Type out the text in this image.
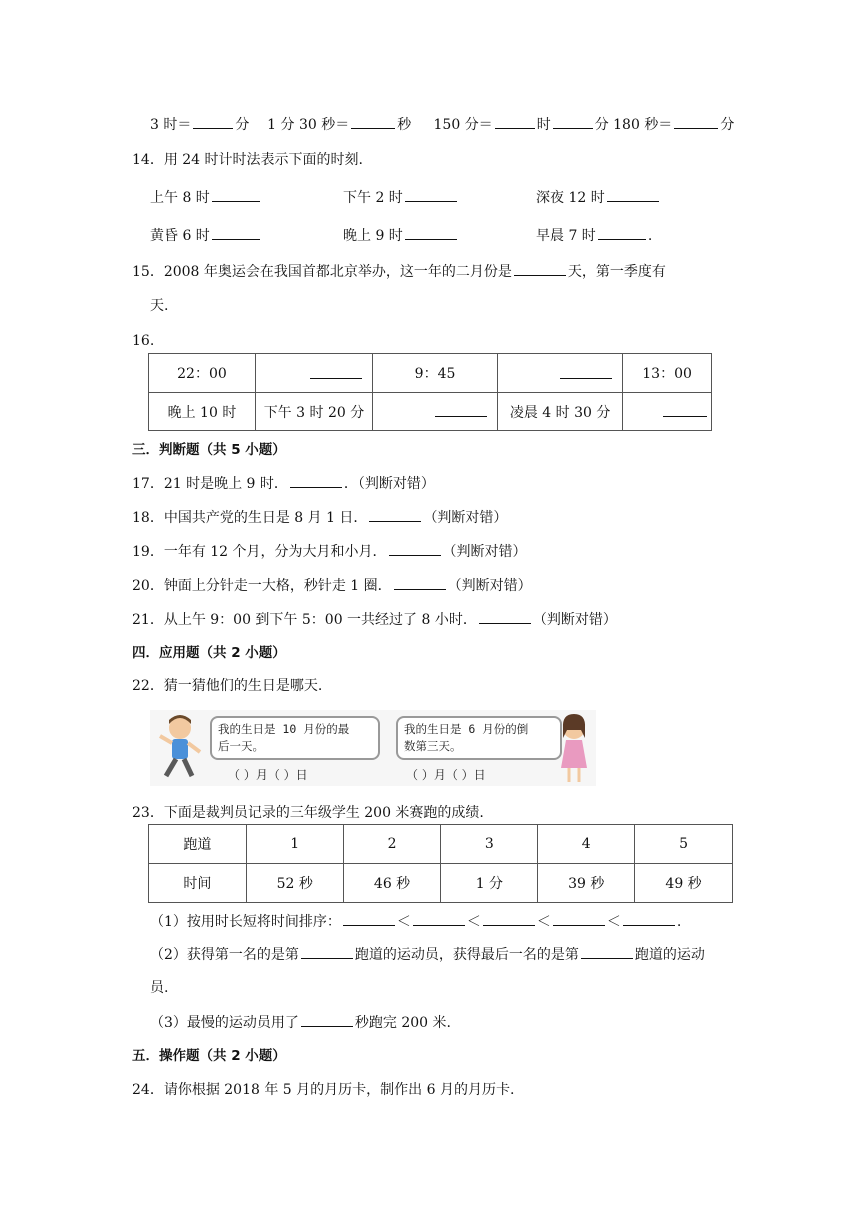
3 时＝	分 1 分 30 秒＝	秒 150 分＝	时	分 180 秒＝	分
14．用 24 时计时法表示下面的时刻.
上午 8 时	下午 2 时	深夜 12 时
黄昏 6 时	晚上 9 时	早晨 7 时	.
15．2008 年奥运会在我国首都北京举办，这一年的二月份是	天，第一季度有
天.
16.
22：00		9：45		13：00
晚上 10 时	下午 3 时 20 分		凌晨 4 时 30 分	
三．判断题（共 5 小题）
17．21 时是晚上 9 时．	．（判断对错）
18．中国共产党的生日是 8 月 1 日．	（判断对错）
19．一年有 12 个月，分为大月和小月．	（判断对错）
20．钟面上分针走一大格，秒针走 1 圈．	（判断对错）
21．从上午 9：00 到下午 5：00 一共经过了 8 小时．	（判断对错）
四．应用题（共 2 小题）
22．猜一猜他们的生日是哪天.
我的生日是 10 月份的最
后一天。
（ ）月（ ）日
我的生日是 6 月份的倒
数第三天。
（ ）月（ ）日
23．下面是裁判员记录的三年级学生 200 米赛跑的成绩.
跑道	1	2	3	4	5
时间	52 秒	46 秒	1 分	39 秒	49 秒
（1）按用时长短将时间排序：	＜	＜	＜	＜	.
（2）获得第一名的是第	跑道的运动员，获得最后一名的是第	跑道的运动
员.
（3）最慢的运动员用了	秒跑完 200 米.
五．操作题（共 2 小题）
24．请你根据 2018 年 5 月的月历卡，制作出 6 月的月历卡.
